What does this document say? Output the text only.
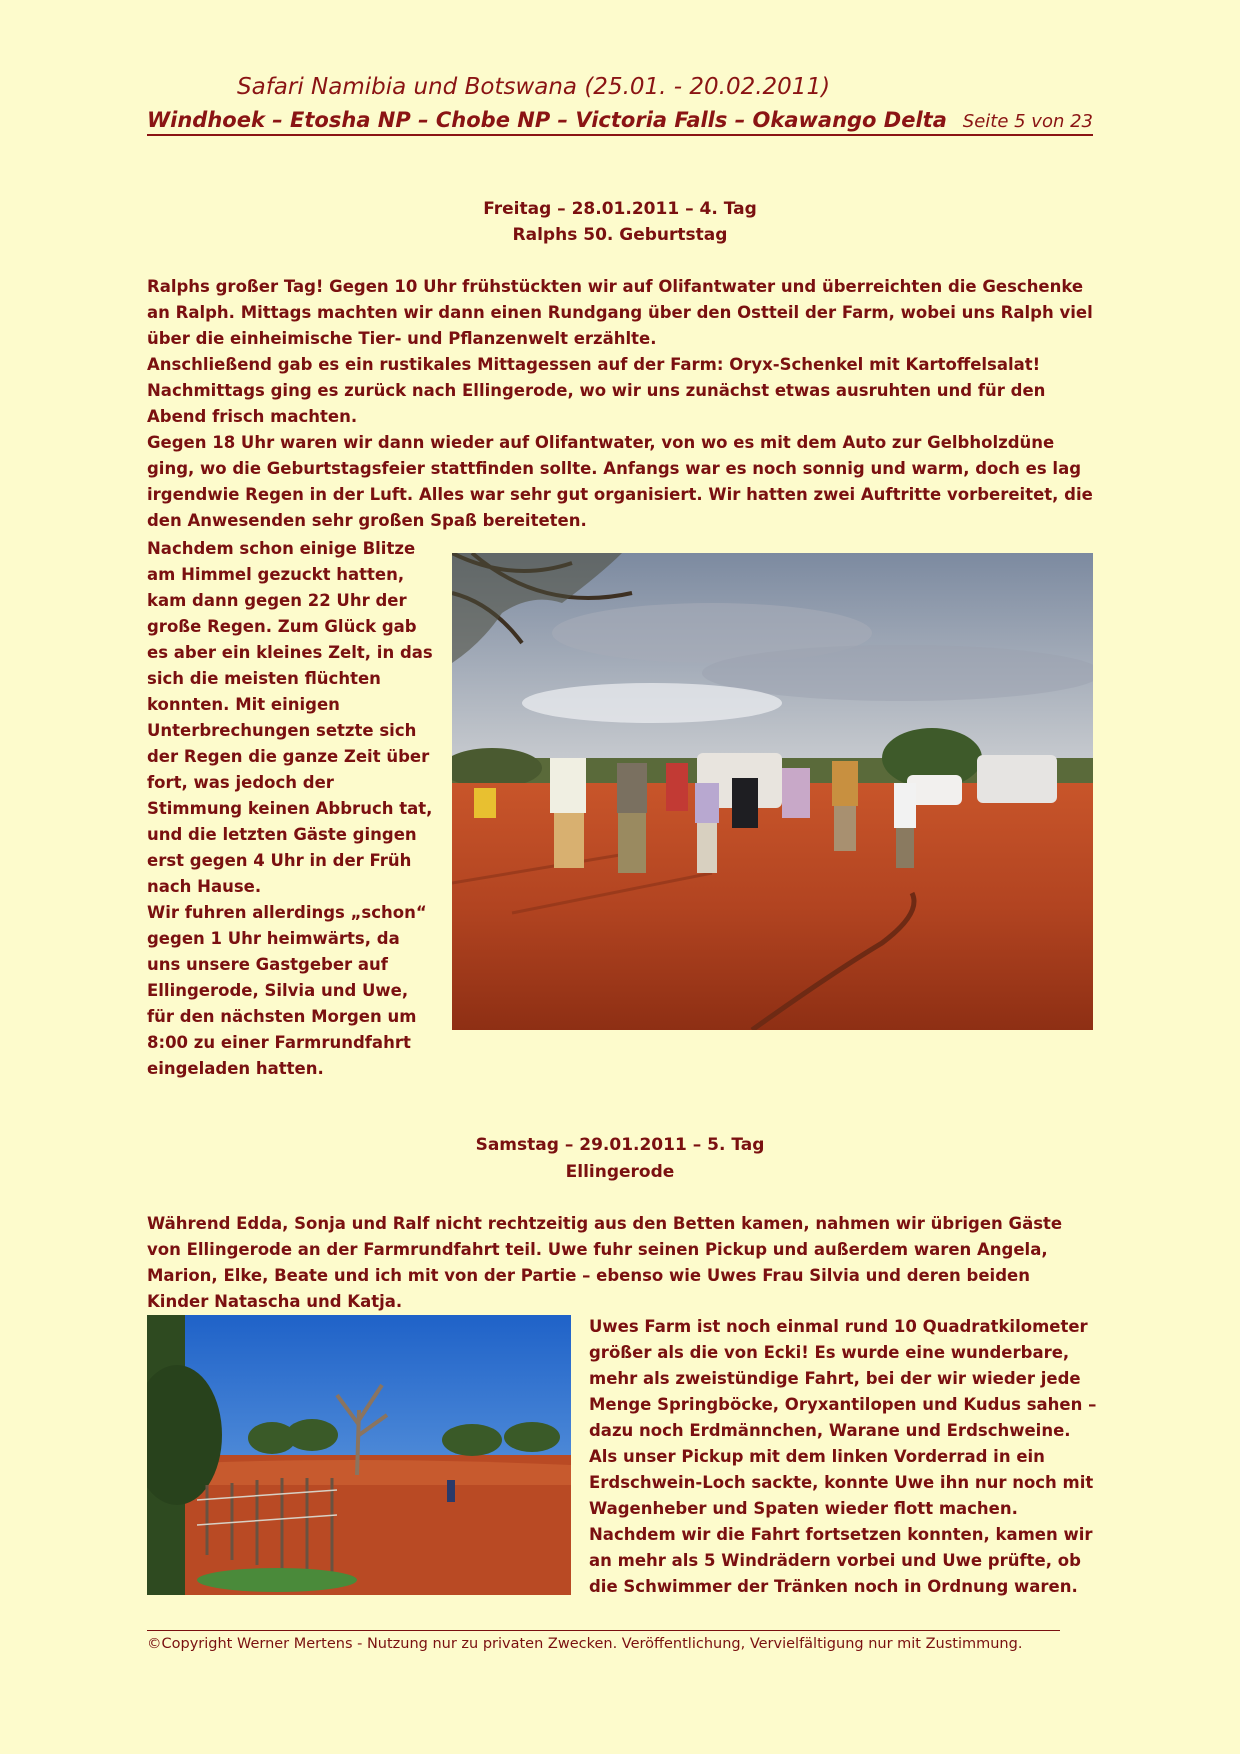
Safari Namibia und Botswana (25.01. - 20.02.2011)
Windhoek – Etosha NP – Chobe NP – Victoria Falls – Okawango Delta Seite 5 von 23
Freitag – 28.01.2011 – 4. Tag
Ralphs 50. Geburtstag

Ralphs großer Tag! Gegen 10 Uhr frühstückten wir auf Olifantwater und überreichten die Geschenke an Ralph. Mittags machten wir dann einen Rundgang über den Ostteil der Farm, wobei uns Ralph viel über die einheimische Tier- und Pflanzenwelt erzählte.

Anschließend gab es ein rustikales Mittagessen auf der Farm: Oryx-Schenkel mit Kartoffelsalat! Nachmittags ging es zurück nach Ellingerode, wo wir uns zunächst etwas ausruhten und für den Abend frisch machten.

Gegen 18 Uhr waren wir dann wieder auf Olifantwater, von wo es mit dem Auto zur Gelbholzdüne ging, wo die Geburtstagsfeier stattfinden sollte. Anfangs war es noch sonnig und warm, doch es lag irgendwie Regen in der Luft. Alles war sehr gut organisiert. Wir hatten zwei Auftritte vorbereitet, die den Anwesenden sehr großen Spaß bereiteten.

Nachdem schon einige Blitze am Himmel gezuckt hatten, kam dann gegen 22 Uhr der große Regen. Zum Glück gab es aber ein kleines Zelt, in das sich die meisten flüchten konnten. Mit einigen Unterbrechungen setzte sich der Regen die ganze Zeit über fort, was jedoch der Stimmung keinen Abbruch tat, und die letzten Gäste gingen erst gegen 4 Uhr in der Früh nach Hause.

Wir fuhren allerdings „schon“ gegen 1 Uhr heimwärts, da uns unsere Gastgeber auf Ellingerode, Silvia und Uwe, für den nächsten Morgen um 8:00 zu einer Farmrundfahrt eingeladen hatten.

Samstag – 29.01.2011 – 5. Tag
Ellingerode

Während Edda, Sonja und Ralf nicht rechtzeitig aus den Betten kamen, nahmen wir übrigen Gäste von Ellingerode an der Farmrundfahrt teil. Uwe fuhr seinen Pickup und außerdem waren Angela, Marion, Elke, Beate und ich mit von der Partie – ebenso wie Uwes Frau Silvia und deren beiden Kinder Natascha und Katja.

Uwes Farm ist noch einmal rund 10 Quadratkilometer größer als die von Ecki! Es wurde eine wunderbare, mehr als zweistündige Fahrt, bei der wir wieder jede Menge Springböcke, Oryxantilopen und Kudus sahen – dazu noch Erdmännchen, Warane und Erdschweine.

Als unser Pickup mit dem linken Vorderrad in ein Erdschwein-Loch sackte, konnte Uwe ihn nur noch mit Wagenheber und Spaten wieder flott machen.

Nachdem wir die Fahrt fortsetzen konnten, kamen wir an mehr als 5 Windrädern vorbei und Uwe prüfte, ob die Schwimmer der Tränken noch in Ordnung waren.

©Copyright Werner Mertens - Nutzung nur zu privaten Zwecken. Veröffentlichung, Vervielfältigung nur mit Zustimmung.
